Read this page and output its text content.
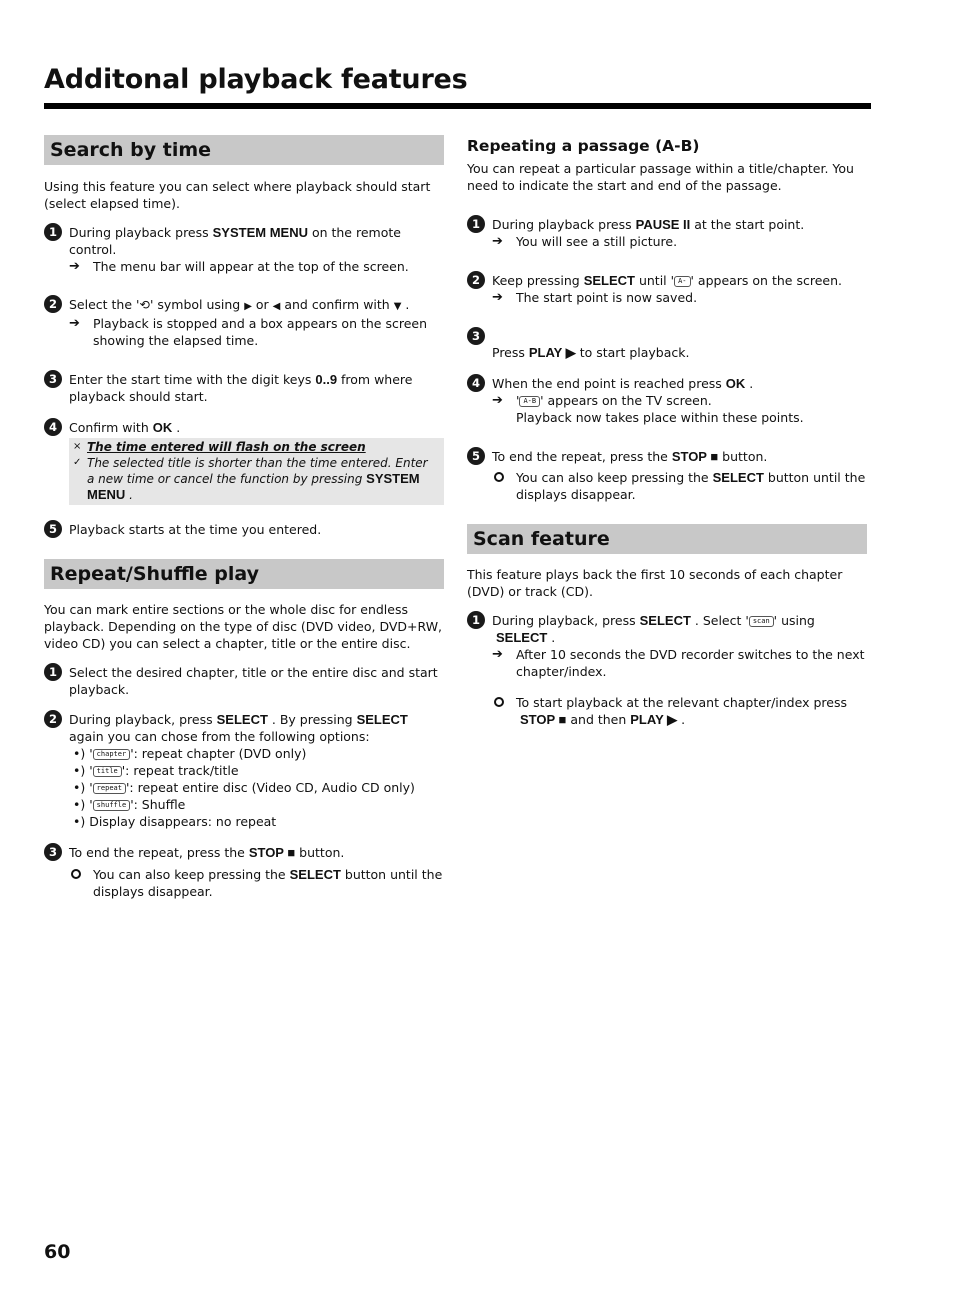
Additonal playback features
Search by time

Using this feature you can select where playback should start (select elapsed time).

1 During playback press SYSTEM MENU on the remote control.
➔ The menu bar will appear at the top of the screen.
2 Select the '⟲' symbol using ▶ or ◀ and confirm with ▼ .
➔ Playback is stopped and a box appears on the screen showing the elapsed time.
3 Enter the start time with the digit keys 0..9 from where playback should start.
4 Confirm with OK .
× The time entered will flash on the screen
✓ The selected title is shorter than the time entered. Enter a new time or cancel the function by pressing SYSTEM MENU .
5 Playback starts at the time you entered.
Repeat/Shuffle play

You can mark entire sections or the whole disc for endless playback. Depending on the type of disc (DVD video, DVD+RW, video CD) you can select a chapter, title or the entire disc.

1 Select the desired chapter, title or the entire disc and start playback.
2 During playback, press SELECT . By pressing SELECT again you can chose from the following options:
•) ' chapter ': repeat chapter (DVD only)
•) ' title ': repeat track/title
•) ' repeat ': repeat entire disc (Video CD, Audio CD only)
•) ' shuffle ': Shuffle
•) Display disappears: no repeat
3 To end the repeat, press the STOP ■ button.
You can also keep pressing the SELECT button until the displays disappear.
Repeating a passage (A-B)

You can repeat a particular passage within a title/chapter. You need to indicate the start and end of the passage.

1 During playback press PAUSE II at the start point.
➔ You will see a still picture.
2 Keep pressing SELECT until ' A- ' appears on the screen.
➔ The start point is now saved.
3
Press PLAY ▶ to start playback.
4 When the end point is reached press OK .
➔ ' A-B ' appears on the TV screen.
Playback now takes place within these points.
5 To end the repeat, press the STOP ■ button.
You can also keep pressing the SELECT button until the displays disappear.
Scan feature

This feature plays back the first 10 seconds of each chapter (DVD) or track (CD).

1 During playback, press SELECT . Select ' scan ' using
SELECT .
➔ After 10 seconds the DVD recorder switches to the next chapter/index.
To start playback at the relevant chapter/index press
STOP ■ and then PLAY ▶ .
60
